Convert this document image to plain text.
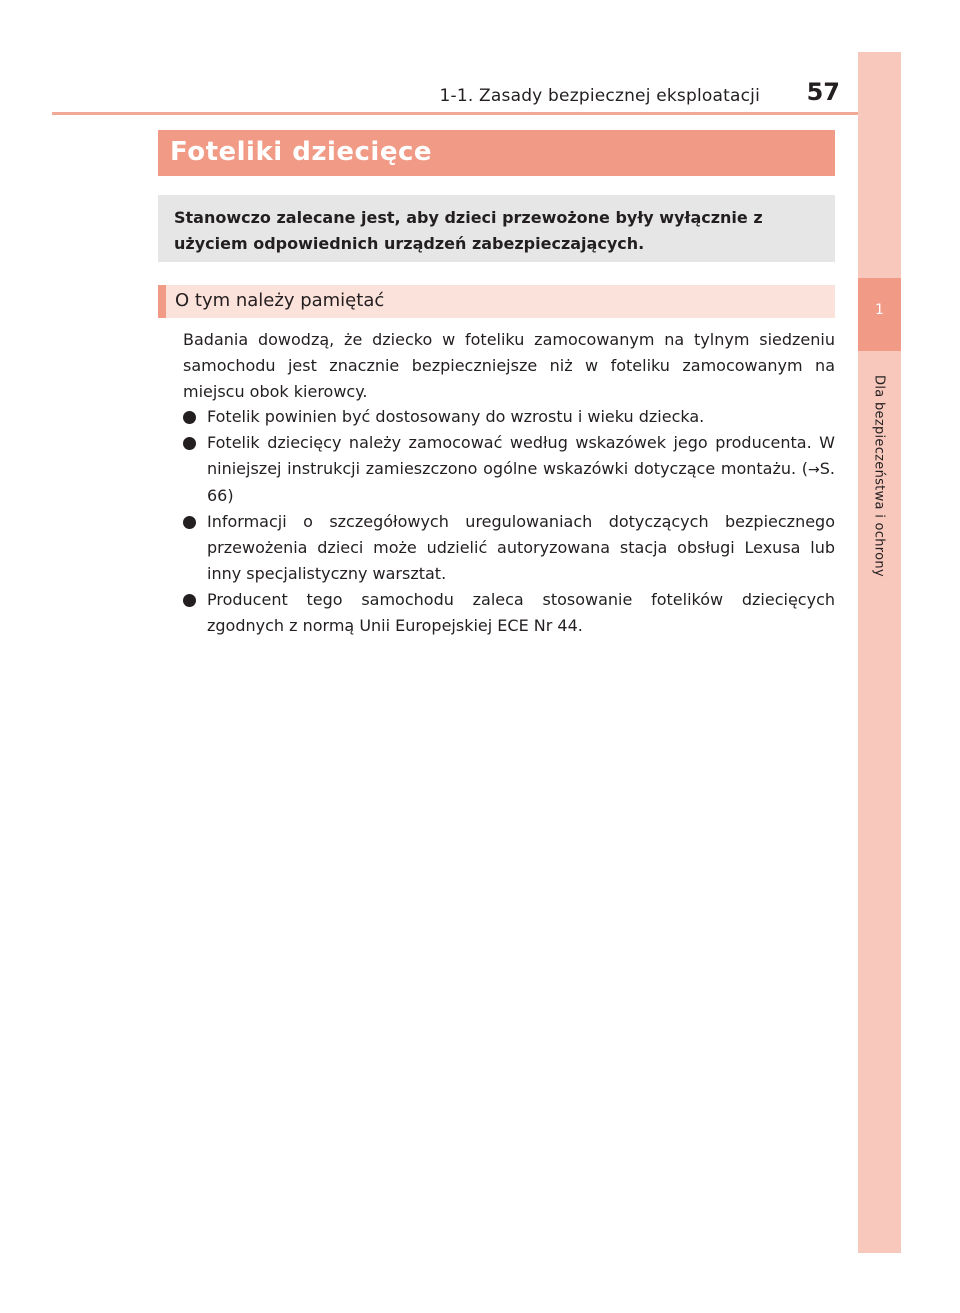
1-1. Zasady bezpiecznej eksploatacji	57
1
Dla bezpieczeństwa i ochrony
Foteliki dziecięce
Stanowczo zalecane jest, aby dzieci przewożone były wyłącznie z użyciem odpowiednich urządzeń zabezpieczających.
O tym należy pamiętać
Badania dowodzą, że dziecko w foteliku zamocowanym na tylnym siedzeniu samochodu jest znacznie bezpieczniejsze niż w foteliku zamocowanym na miejscu obok kierowcy.
Fotelik powinien być dostosowany do wzrostu i wieku dziecka.
Fotelik dziecięcy należy zamocować według wskazówek jego producenta. W niniejszej instrukcji zamieszczono ogólne wskazówki dotyczące montażu. (→S. 66)
Informacji o szczegółowych uregulowaniach dotyczących bezpiecznego przewożenia dzieci może udzielić autoryzowana stacja obsługi Lexusa lub inny specjalistyczny warsztat.
Producent tego samochodu zaleca stosowanie fotelików dziecięcych zgodnych z normą Unii Europejskiej ECE Nr 44.
